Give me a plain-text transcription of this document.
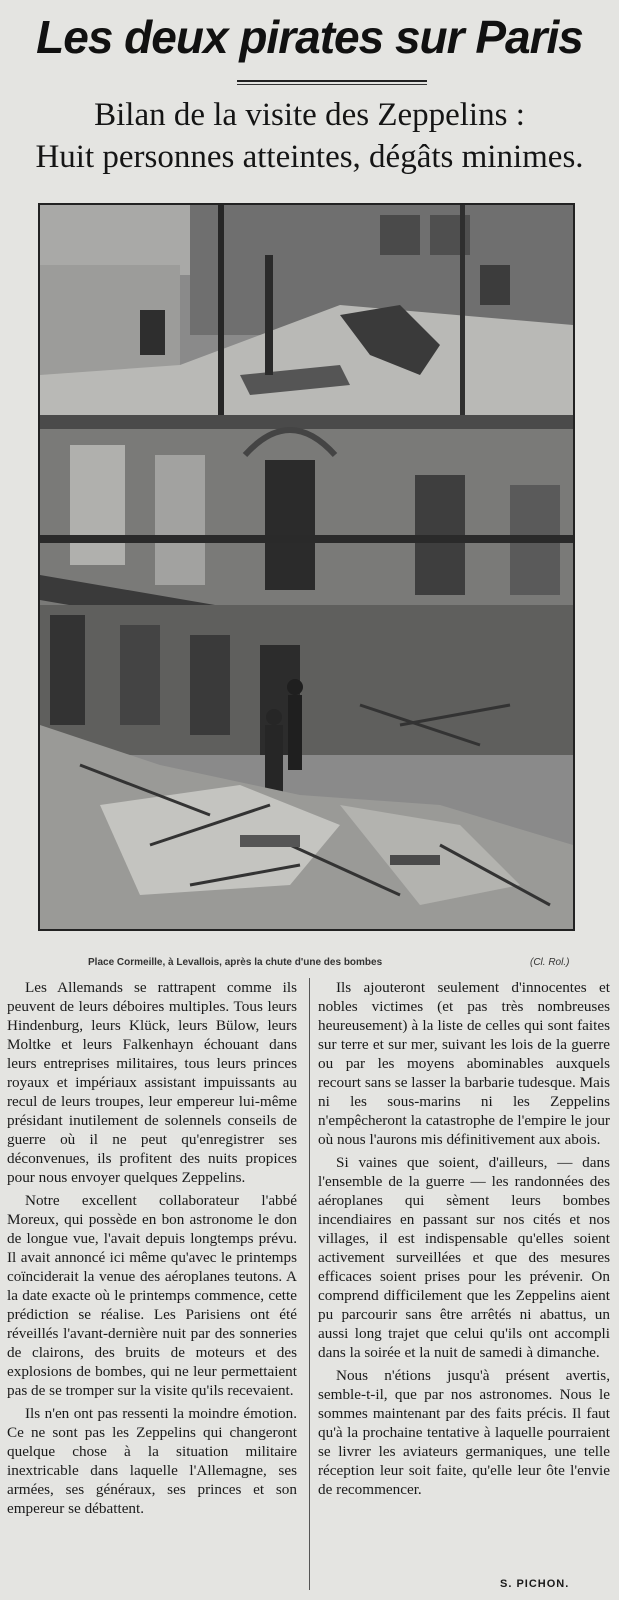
Les deux pirates sur Paris
Bilan de la visite des Zeppelins :
Huit personnes atteintes, dégâts minimes.
Place Cormeille, à Levallois, après la chute d'une des bombes	(Cl. Rol.)

Les Allemands se rattrapent comme ils peuvent de leurs déboires multiples. Tous leurs Hindenburg, leurs Klück, leurs Bülow, leurs Moltke et leurs Falkenhayn échouant dans leurs entreprises militaires, tous leurs princes royaux et impériaux assistant impuissants au recul de leurs troupes, leur empereur lui-même présidant inutilement de solennels conseils de guerre où il ne peut qu'enregistrer ses déconvenues, ils profitent des nuits propices pour nous envoyer quelques Zeppelins.

Notre excellent collaborateur l'abbé Moreux, qui possède en bon astronome le don de longue vue, l'avait depuis longtemps prévu. Il avait annoncé ici même qu'avec le printemps coïnciderait la venue des aéroplanes teutons. A la date exacte où le printemps commence, cette prédiction se réalise. Les Parisiens ont été réveillés l'avant-dernière nuit par des sonneries de clairons, des bruits de moteurs et des explosions de bombes, qui ne leur permettaient pas de se tromper sur la visite qu'ils recevaient.

Ils n'en ont pas ressenti la moindre émotion. Ce ne sont pas les Zeppelins qui changeront quelque chose à la situation militaire inextricable dans laquelle l'Allemagne, ses armées, ses généraux, ses princes et son empereur se débattent.

Ils ajouteront seulement d'innocentes et nobles victimes (et pas très nombreuses heureusement) à la liste de celles qui sont faites sur terre et sur mer, suivant les lois de la guerre ou par les moyens abominables auxquels recourt sans se lasser la barbarie tudesque. Mais ni les sous-marins ni les Zeppelins n'empêcheront la catastrophe de l'empire le jour où nous l'aurons mis définitivement aux abois.

Si vaines que soient, d'ailleurs, — dans l'ensemble de la guerre — les randonnées des aéroplanes qui sèment leurs bombes incendiaires en passant sur nos cités et nos villages, il est indispensable qu'elles soient activement surveillées et que des mesures efficaces soient prises pour les prévenir. On comprend difficilement que les Zeppelins aient pu parcourir sans être arrêtés ni abattus, un aussi long trajet que celui qu'ils ont accompli dans la soirée et la nuit de samedi à dimanche.

Nous n'étions jusqu'à présent avertis, semble-t-il, que par nos astronomes. Nous le sommes maintenant par des faits précis. Il faut qu'à la prochaine tentative à laquelle pourraient se livrer les aviateurs germaniques, une telle réception leur soit faite, qu'elle leur ôte l'envie de recommencer.

S. PICHON.
